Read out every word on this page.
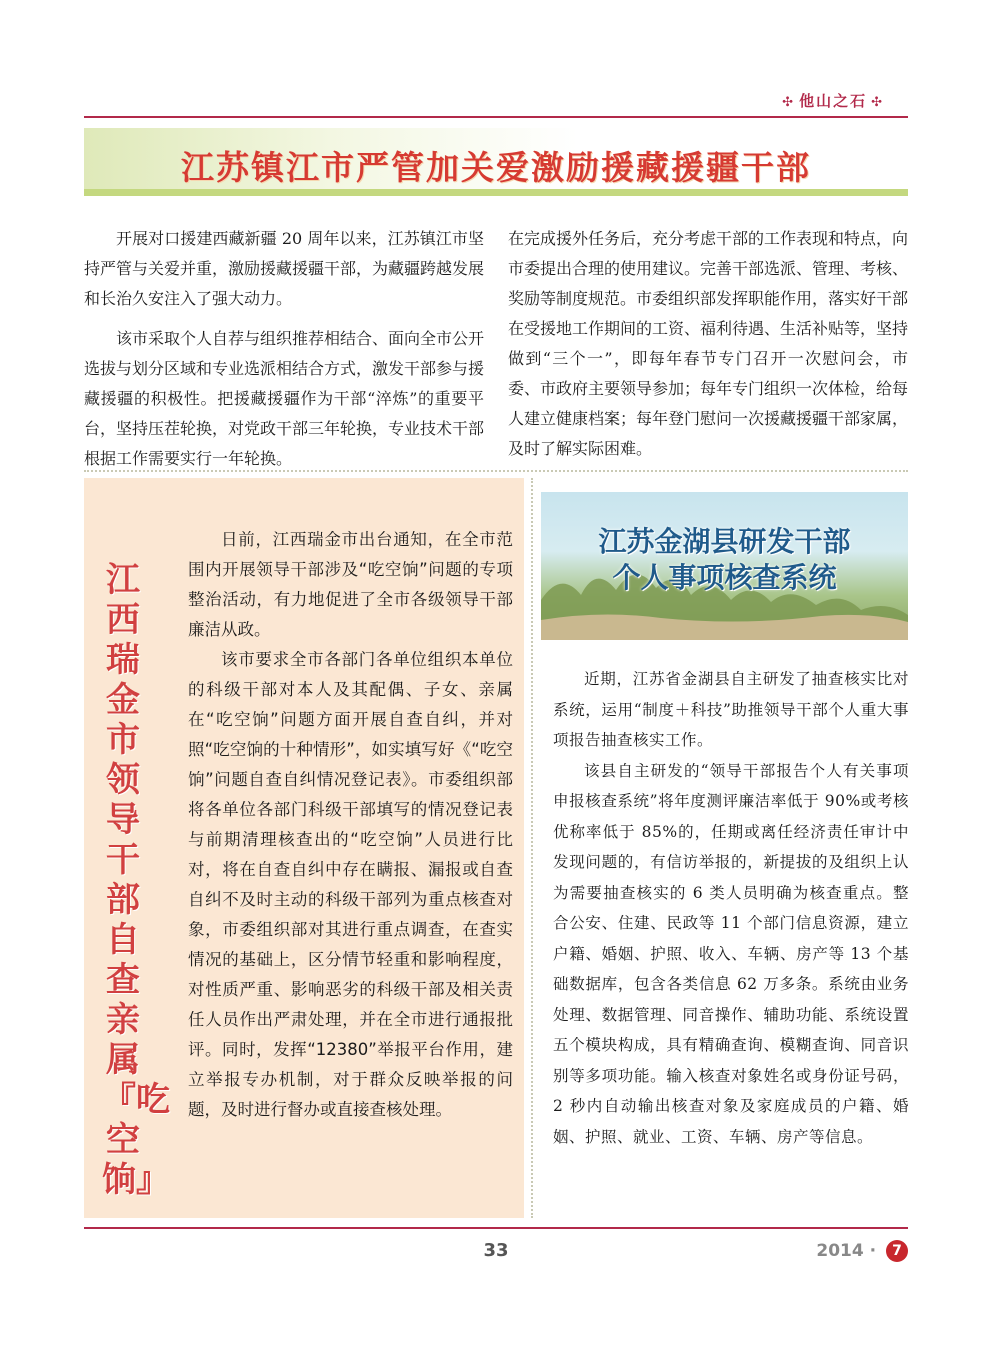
✣ 他山之石 ✣
江苏镇江市严管加关爱激励援藏援疆干部

开展对口援建西藏新疆 20 周年以来，江苏镇江市坚持严管与关爱并重，激励援藏援疆干部，为藏疆跨越发展和长治久安注入了强大动力。

该市采取个人自荐与组织推荐相结合、面向全市公开选拔与划分区域和专业选派相结合方式，激发干部参与援藏援疆的积极性。把援藏援疆作为干部“淬炼”的重要平台，坚持压茬轮换，对党政干部三年轮换，专业技术干部根据工作需要实行一年轮换。

在完成援外任务后，充分考虑干部的工作表现和特点，向市委提出合理的使用建议。完善干部选派、管理、考核、奖励等制度规范。市委组织部发挥职能作用，落实好干部在受援地工作期间的工资、福利待遇、生活补贴等，坚持做到“三个一”，即每年春节专门召开一次慰问会，市委、市政府主要领导参加；每年专门组织一次体检，给每人建立健康档案；每年登门慰问一次援藏援疆干部家属，及时了解实际困难。

江西瑞金市领导干部自查亲属『吃空饷』

日前，江西瑞金市出台通知，在全市范围内开展领导干部涉及“吃空饷”问题的专项整治活动，有力地促进了全市各级领导干部廉洁从政。

该市要求全市各部门各单位组织本单位的科级干部对本人及其配偶、子女、亲属在“吃空饷”问题方面开展自查自纠，并对照“吃空饷的十种情形”，如实填写好《“吃空饷”问题自查自纠情况登记表》。市委组织部将各单位各部门科级干部填写的情况登记表与前期清理核查出的“吃空饷”人员进行比对，将在自查自纠中存在瞒报、漏报或自查自纠不及时主动的科级干部列为重点核查对象，市委组织部对其进行重点调查，在查实情况的基础上，区分情节轻重和影响程度，对性质严重、影响恶劣的科级干部及相关责任人员作出严肃处理，并在全市进行通报批评。同时，发挥“12380”举报平台作用，建立举报专办机制，对于群众反映举报的问题，及时进行督办或直接查核处理。

江苏金湖县研发干部
个人事项核查系统

近期，江苏省金湖县自主研发了抽查核实比对系统，运用“制度＋科技”助推领导干部个人重大事项报告抽查核实工作。

该县自主研发的“领导干部报告个人有关事项申报核查系统”将年度测评廉洁率低于 90%或考核优称率低于 85%的，任期或离任经济责任审计中发现问题的，有信访举报的，新提拔的及组织上认为需要抽查核实的 6 类人员明确为核查重点。整合公安、住建、民政等 11 个部门信息资源，建立户籍、婚姻、护照、收入、车辆、房产等 13 个基础数据库，包含各类信息 62 万多条。系统由业务处理、数据管理、同音操作、辅助功能、系统设置五个模块构成，具有精确查询、模糊查询、同音识别等多项功能。输入核查对象姓名或身份证号码，2 秒内自动输出核查对象及家庭成员的户籍、婚姻、护照、就业、工资、车辆、房产等信息。

33	2014 · 7
